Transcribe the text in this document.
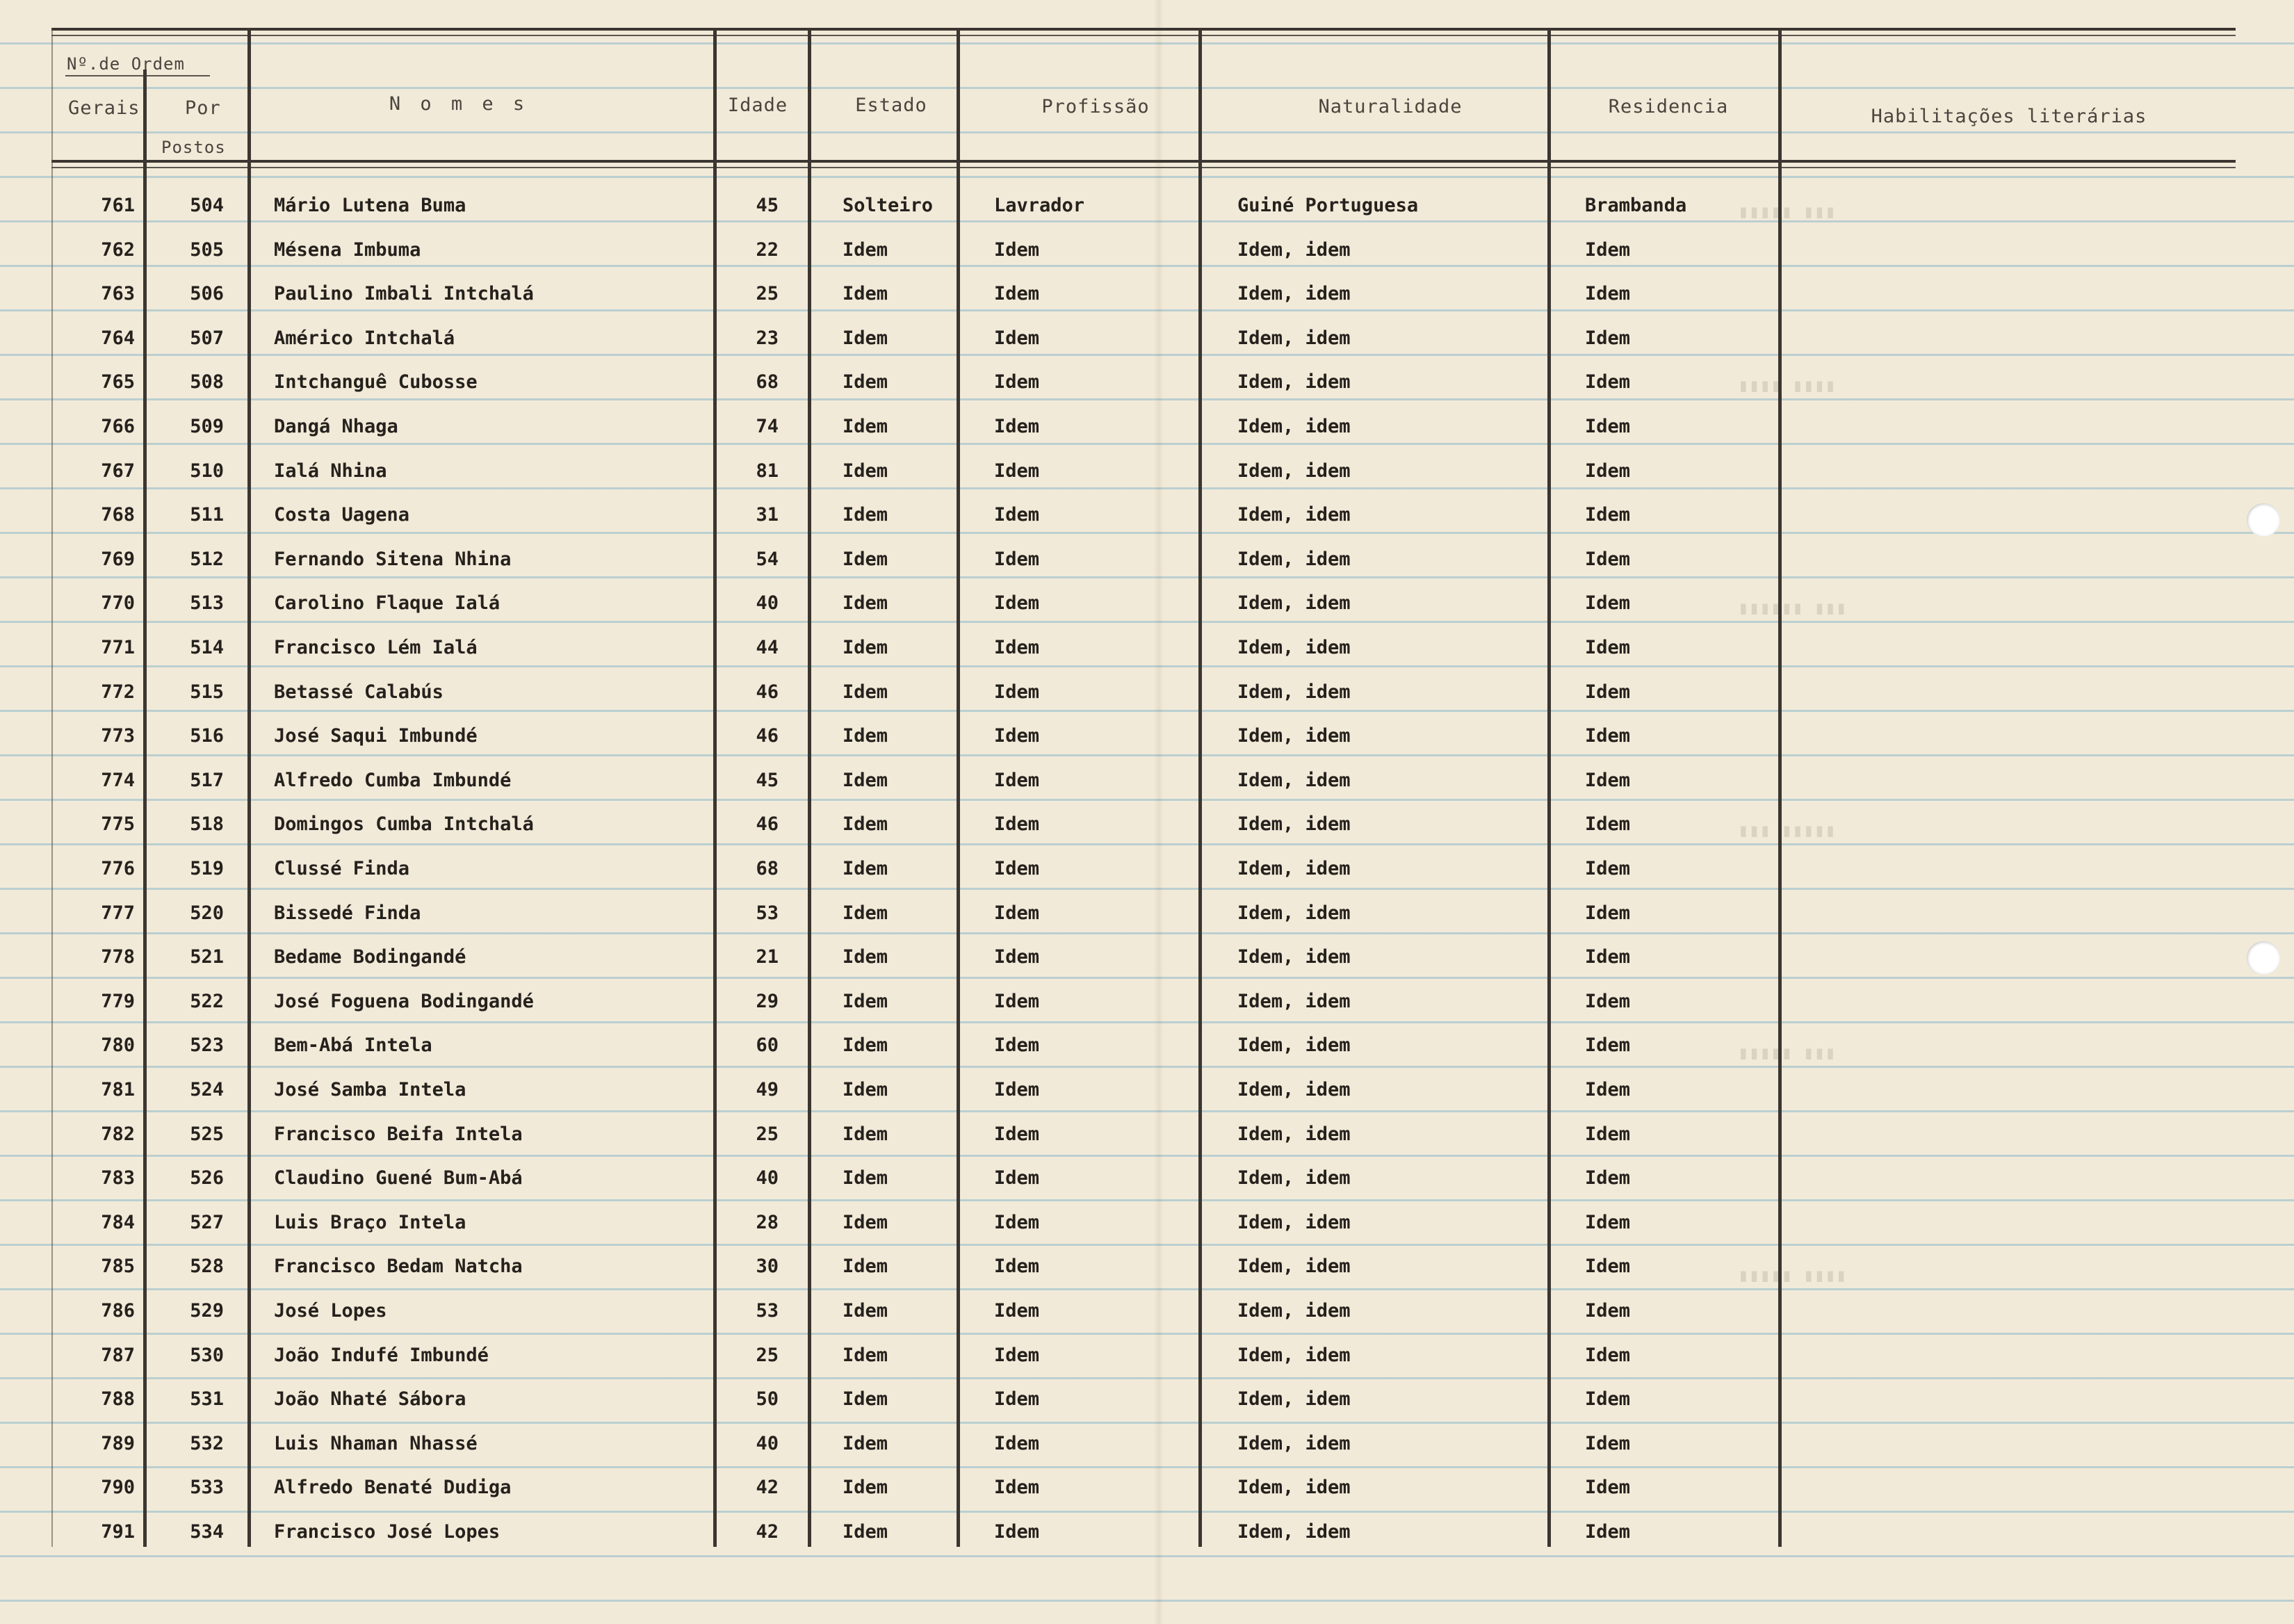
Nº.de Ordem
Gerais Por
Postos
N o m e s	Idade	Estado	Profissão	Naturalidade	Residencia	Habilitações literárias
▮▮▮ ▮▮▮▮▮
▮▮▮▮ ▮▮▮▮
▮▮▮ ▮▮▮▮▮▮
▮▮▮▮▮ ▮▮▮
▮▮▮ ▮▮▮▮▮
▮▮▮▮ ▮▮▮▮▮
761	504	Mário Lutena Buma	45	Solteiro	Lavrador	Guiné Portuguesa	Brambanda
762	505	Mésena Imbuma	22	Idem	Idem	Idem, idem	Idem
763	506	Paulino Imbali Intchalá	25	Idem	Idem	Idem, idem	Idem
764	507	Américo Intchalá	23	Idem	Idem	Idem, idem	Idem
765	508	Intchanguê Cubosse	68	Idem	Idem	Idem, idem	Idem
766	509	Dangá Nhaga	74	Idem	Idem	Idem, idem	Idem
767	510	Ialá Nhina	81	Idem	Idem	Idem, idem	Idem
768	511	Costa Uagena	31	Idem	Idem	Idem, idem	Idem
769	512	Fernando Sitena Nhina	54	Idem	Idem	Idem, idem	Idem
770	513	Carolino Flaque Ialá	40	Idem	Idem	Idem, idem	Idem
771	514	Francisco Lém Ialá	44	Idem	Idem	Idem, idem	Idem
772	515	Betassé Calabús	46	Idem	Idem	Idem, idem	Idem
773	516	José Saqui Imbundé	46	Idem	Idem	Idem, idem	Idem
774	517	Alfredo Cumba Imbundé	45	Idem	Idem	Idem, idem	Idem
775	518	Domingos Cumba Intchalá	46	Idem	Idem	Idem, idem	Idem
776	519	Clussé Finda	68	Idem	Idem	Idem, idem	Idem
777	520	Bissedé Finda	53	Idem	Idem	Idem, idem	Idem
778	521	Bedame Bodingandé	21	Idem	Idem	Idem, idem	Idem
779	522	José Foguena Bodingandé	29	Idem	Idem	Idem, idem	Idem
780	523	Bem-Abá Intela	60	Idem	Idem	Idem, idem	Idem
781	524	José Samba Intela	49	Idem	Idem	Idem, idem	Idem
782	525	Francisco Beifa Intela	25	Idem	Idem	Idem, idem	Idem
783	526	Claudino Guené Bum-Abá	40	Idem	Idem	Idem, idem	Idem
784	527	Luis Braço Intela	28	Idem	Idem	Idem, idem	Idem
785	528	Francisco Bedam Natcha	30	Idem	Idem	Idem, idem	Idem
786	529	José Lopes	53	Idem	Idem	Idem, idem	Idem
787	530	João Indufé Imbundé	25	Idem	Idem	Idem, idem	Idem
788	531	João Nhaté Sábora	50	Idem	Idem	Idem, idem	Idem
789	532	Luis Nhaman Nhassé	40	Idem	Idem	Idem, idem	Idem
790	533	Alfredo Benaté Dudiga	42	Idem	Idem	Idem, idem	Idem
791	534	Francisco José Lopes	42	Idem	Idem	Idem, idem	Idem
